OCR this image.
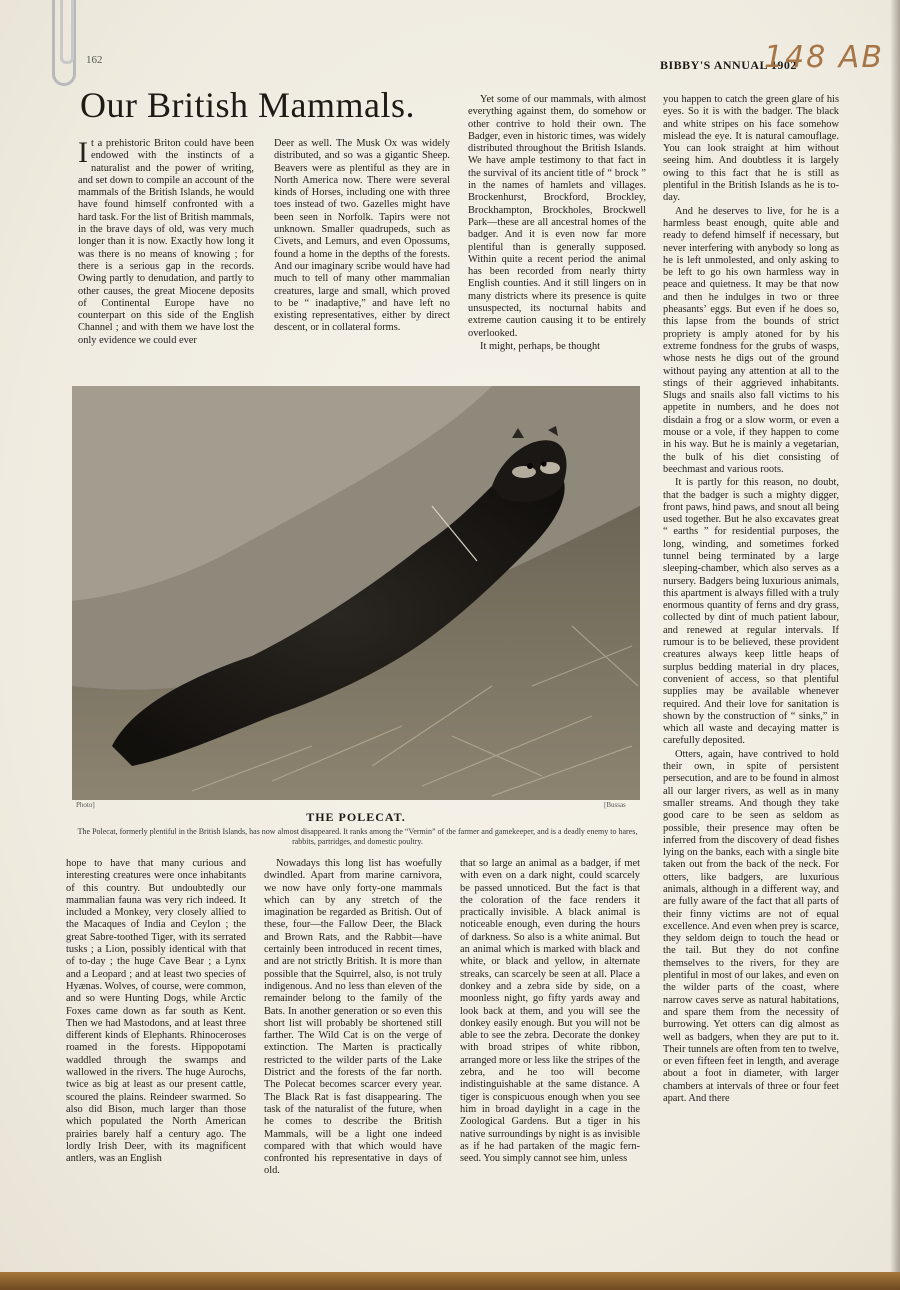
162	BIBBY'S ANNUAL 1902
148 AB
Our British Mammals.

It a prehistoric Briton could have been endowed with the instincts of a naturalist and the power of writing, and set down to compile an account of the mammals of the British Islands, he would have found himself confronted with a hard task. For the list of British mammals, in the brave days of old, was very much longer than it is now. Exactly how long it was there is no means of knowing ; for there is a serious gap in the records. Owing partly to denudation, and partly to other causes, the great Miocene deposits of Continental Europe have no counterpart on this side of the English Channel ; and with them we have lost the only evidence we could ever

Deer as well. The Musk Ox was widely distributed, and so was a gigantic Sheep. Beavers were as plentiful as they are in North America now. There were several kinds of Horses, including one with three toes instead of two. Gazelles might have been seen in Norfolk. Tapirs were not unknown. Smaller quadrupeds, such as Civets, and Lemurs, and even Opossums, found a home in the depths of the forests. And our imaginary scribe would have had much to tell of many other mammalian creatures, large and small, which proved to be “ inadaptive,” and have left no existing representatives, either by direct descent, or in collateral forms.

Yet some of our mammals, with almost everything against them, do somehow or other contrive to hold their own. The Badger, even in historic times, was widely distributed throughout the British Islands. We have ample testimony to that fact in the survival of its ancient title of “ brock ” in the names of hamlets and villages. Brockenhurst, Brockford, Brockley, Brockhampton, Brockholes, Brockwell Park—these are all ancestral homes of the badger. And it is even now far more plentiful than is generally supposed. Within quite a recent period the animal has been recorded from nearly thirty English counties. And it still lingers on in many districts where its presence is quite unsuspected, its nocturnal habits and extreme caution causing it to be entirely overlooked.

It might, perhaps, be thought

you happen to catch the green glare of his eyes. So it is with the badger. The black and white stripes on his face somehow mislead the eye. It is natural camouflage. You can look straight at him without seeing him. And doubtless it is largely owing to this fact that he is still as plentiful in the British Islands as he is to-day.

And he deserves to live, for he is a harmless beast enough, quite able and ready to defend himself if necessary, but never interfering with anybody so long as he is left unmolested, and only asking to be left to go his own harmless way in peace and quietness. It may be that now and then he indulges in two or three pheasants’ eggs. But even if he does so, this lapse from the bounds of strict propriety is amply atoned for by his extreme fondness for the grubs of wasps, whose nests he digs out of the ground without paying any attention at all to the stings of their aggrieved inhabitants. Slugs and snails also fall victims to his appetite in numbers, and he does not disdain a frog or a slow worm, or even a mouse or a vole, if they happen to come in his way. But he is mainly a vegetarian, the bulk of his diet consisting of beechmast and various roots.

It is partly for this reason, no doubt, that the badger is such a mighty digger, front paws, hind paws, and snout all being used together. But he also excavates great “ earths ” for residential purposes, the long, winding, and sometimes forked tunnel being terminated by a large sleeping-chamber, which also serves as a nursery. Badgers being luxurious animals, this apartment is always filled with a truly enormous quantity of ferns and dry grass, collected by dint of much patient labour, and renewed at regular intervals. If rumour is to be believed, these provident creatures always keep little heaps of surplus bedding material in dry places, convenient of access, so that plentiful supplies may be available whenever required. And their love for sanitation is shown by the construction of “ sinks,” in which all waste and decaying matter is carefully deposited.

Otters, again, have contrived to hold their own, in spite of persistent persecution, and are to be found in almost all our larger rivers, as well as in many smaller streams. And though they take good care to be seen as seldom as possible, their presence may often be inferred from the discovery of dead fishes lying on the banks, each with a single bite taken out from the back of the neck. For otters, like badgers, are luxurious animals, although in a different way, and are fully aware of the fact that all parts of their finny victims are not of equal excellence. And even when prey is scarce, they seldom deign to touch the head or the tail. But they do not confine themselves to the rivers, for they are plentiful in most of our lakes, and even on the wilder parts of the coast, where narrow caves serve as natural habitations, and spare them from the necessity of burrowing. Yet otters can dig almost as well as badgers, when they are put to it. Their tunnels are often from ten to twelve, or even fifteen feet in length, and average about a foot in diameter, with larger chambers at intervals of three or four feet apart. And there

Photo]	[Bussas
THE POLECAT.
The Polecat, formerly plentiful in the British Islands, has now almost disappeared. It ranks among the “Vermin” of the farmer and gamekeeper, and is a deadly enemy to hares, rabbits, partridges, and domestic poultry.

hope to have that many curious and interesting creatures were once inhabitants of this country. But undoubtedly our mammalian fauna was very rich indeed. It included a Monkey, very closely allied to the Macaques of India and Ceylon ; the great Sabre-toothed Tiger, with its serrated tusks ; a Lion, possibly identical with that of to-day ; the huge Cave Bear ; a Lynx and a Leopard ; and at least two species of Hyænas. Wolves, of course, were common, and so were Hunting Dogs, while Arctic Foxes came down as far south as Kent. Then we had Mastodons, and at least three different kinds of Elephants. Rhinoceroses roamed in the forests. Hippopotami waddled through the swamps and wallowed in the rivers. The huge Aurochs, twice as big at least as our present cattle, scoured the plains. Reindeer swarmed. So also did Bison, much larger than those which populated the North American prairies barely half a century ago. The lordly Irish Deer, with its magnificent antlers, was an English

Nowadays this long list has woefully dwindled. Apart from marine carnivora, we now have only forty-one mammals which can by any stretch of the imagination be regarded as British. Out of these, four—the Fallow Deer, the Black and Brown Rats, and the Rabbit—have certainly been introduced in recent times, and are not strictly British. It is more than possible that the Squirrel, also, is not truly indigenous. And no less than eleven of the remainder belong to the family of the Bats. In another generation or so even this short list will probably be shortened still farther. The Wild Cat is on the verge of extinction. The Marten is practically restricted to the wilder parts of the Lake District and the forests of the far north. The Polecat becomes scarcer every year. The Black Rat is fast disappearing. The task of the naturalist of the future, when he comes to describe the British Mammals, will be a light one indeed compared with that which would have confronted his representative in days of old.

that so large an animal as a badger, if met with even on a dark night, could scarcely be passed unnoticed. But the fact is that the coloration of the face renders it practically invisible. A black animal is noticeable enough, even during the hours of darkness. So also is a white animal. But an animal which is marked with black and white, or black and yellow, in alternate streaks, can scarcely be seen at all. Place a donkey and a zebra side by side, on a moonless night, go fifty yards away and look back at them, and you will see the donkey easily enough. But you will not be able to see the zebra. Decorate the donkey with broad stripes of white ribbon, arranged more or less like the stripes of the zebra, and he too will become indistinguishable at the same distance. A tiger is conspicuous enough when you see him in broad daylight in a cage in the Zoological Gardens. But a tiger in his native surroundings by night is as invisible as if he had partaken of the magic fern-seed. You simply cannot see him, unless
